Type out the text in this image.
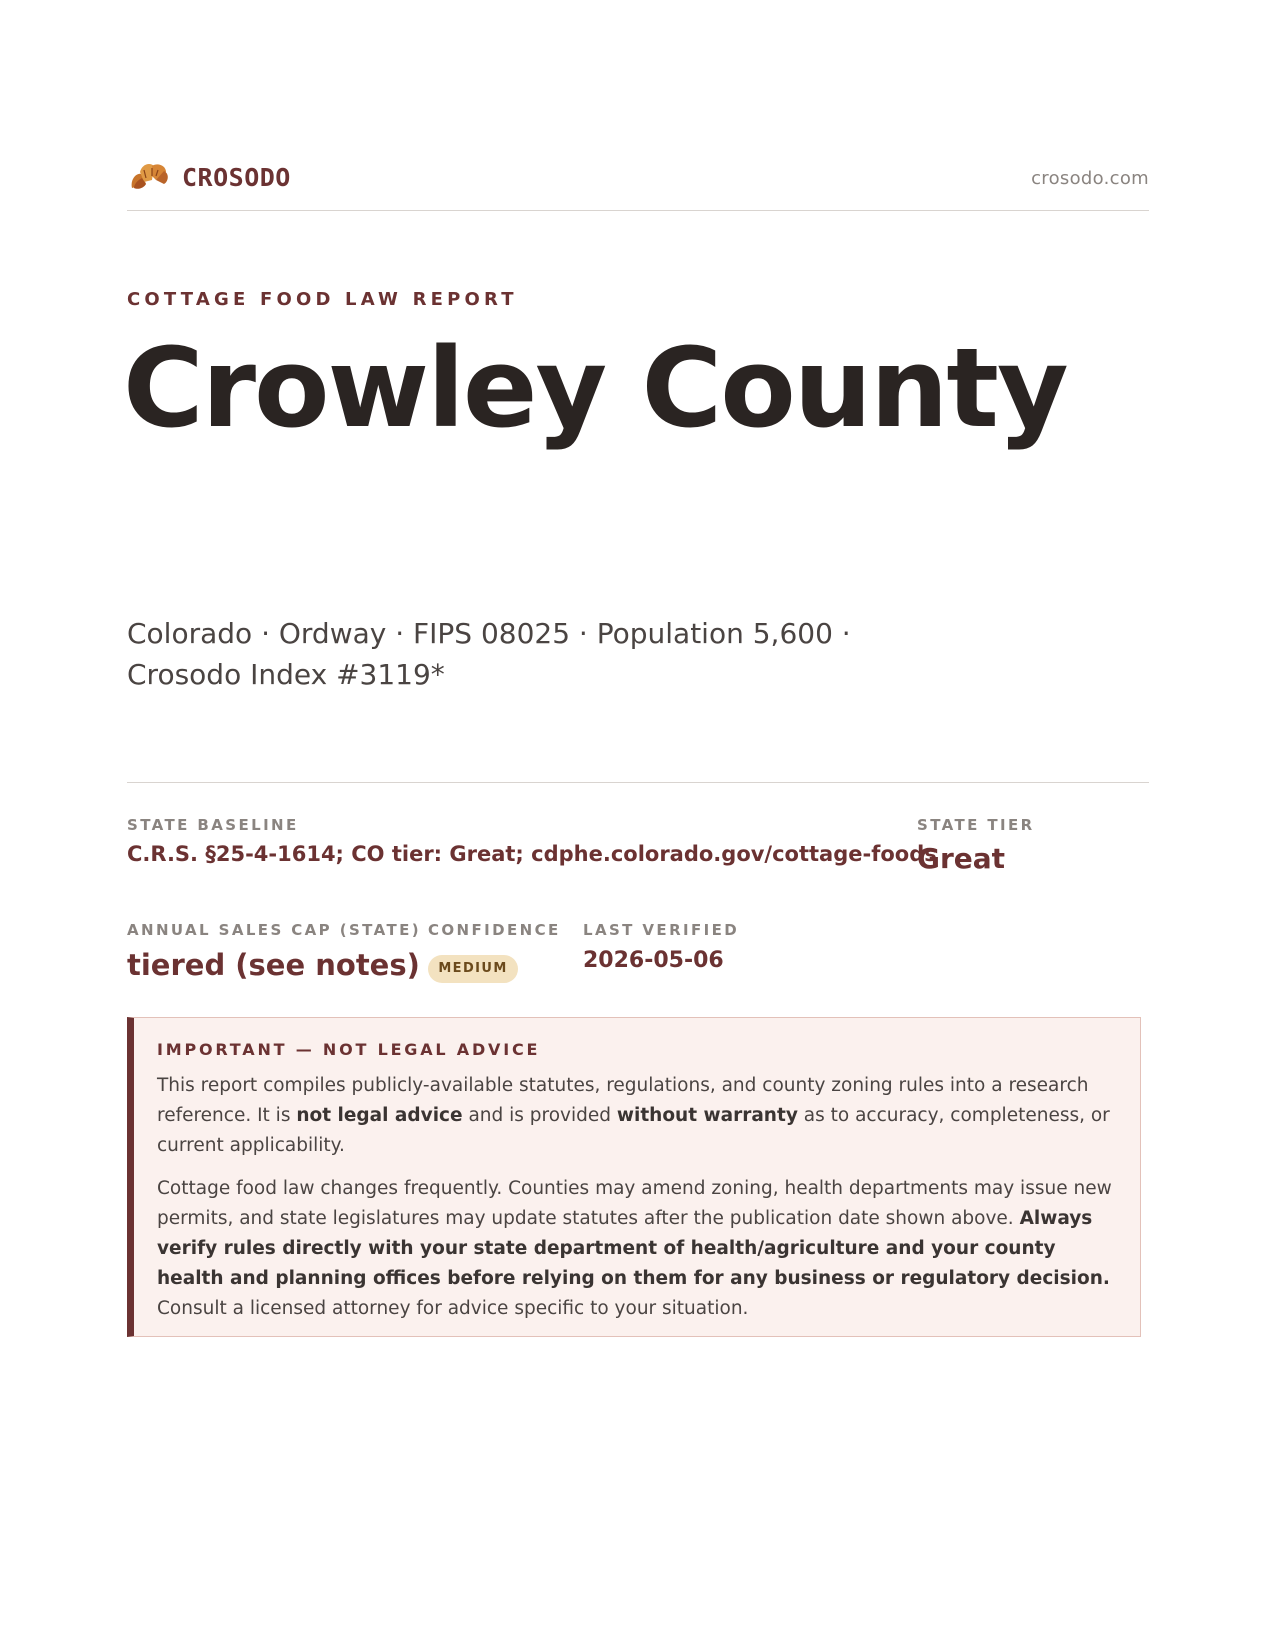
CROSODO	crosodo.com
COTTAGE FOOD LAW REPORT
Crowley County
Colorado · Ordway · FIPS 08025 · Population 5,600 ·
Crosodo Index #3119*
STATE BASELINE
C.R.S. §25-4-1614; CO tier: Great; cdphe.colorado.gov/cottage-foods
STATE TIER
Great
ANNUAL SALES CAP (STATE)
tiered (see notes)
CONFIDENCE
MEDIUM
LAST VERIFIED
2026-05-06
IMPORTANT — NOT LEGAL ADVICE
This report compiles publicly-available statutes, regulations, and county zoning rules into a research reference. It is not legal advice and is provided without warranty as to accuracy, completeness, or current applicability.
Cottage food law changes frequently. Counties may amend zoning, health departments may issue new permits, and state legislatures may update statutes after the publication date shown above. Always verify rules directly with your state department of health/agriculture and your county health and planning offices before relying on them for any business or regulatory decision. Consult a licensed attorney for advice specific to your situation.
